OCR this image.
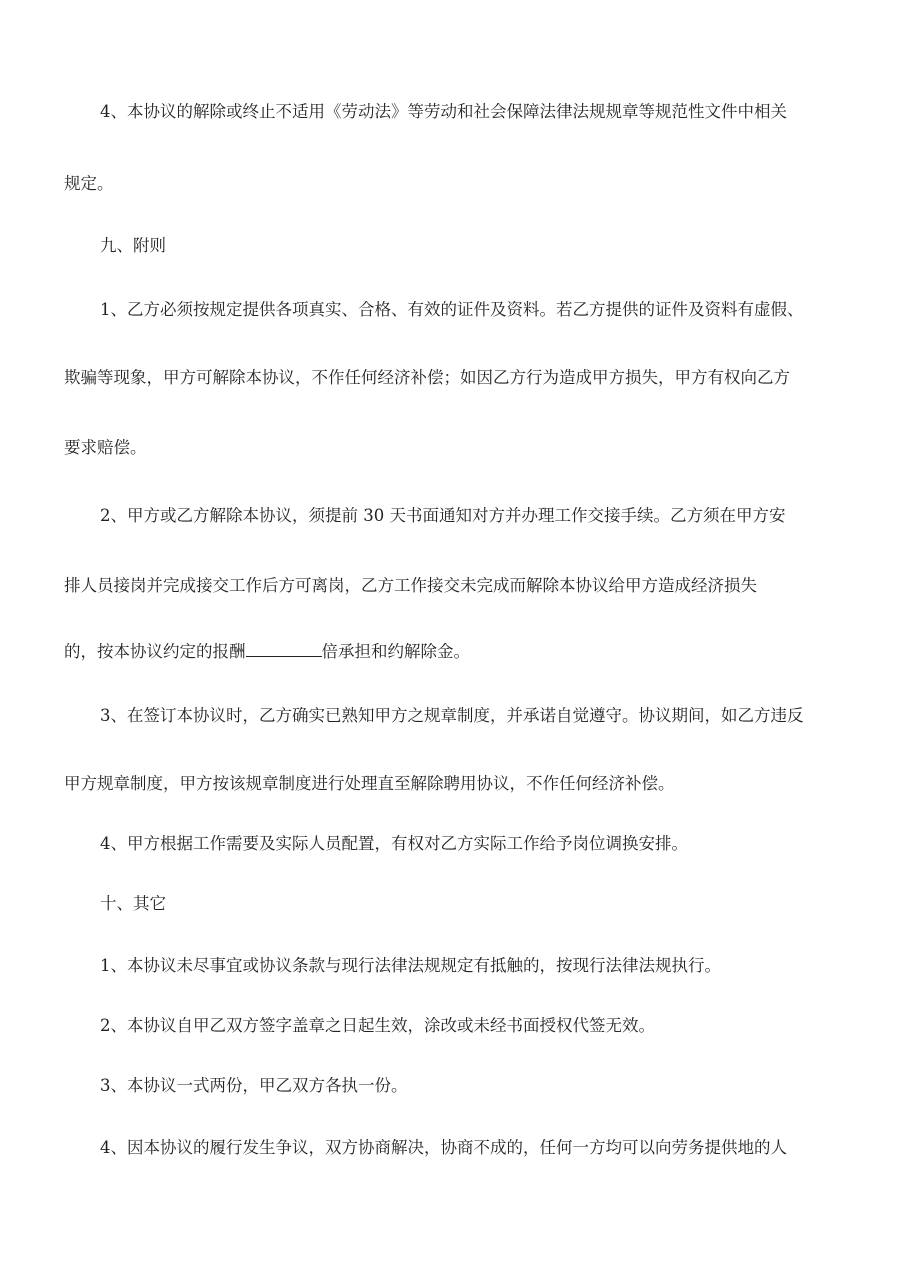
4、本协议的解除或终止不适用《劳动法》等劳动和社会保障法律法规规章等规范性文件中相关
规定。
九、附则
1、乙方必须按规定提供各项真实、合格、有效的证件及资料。若乙方提供的证件及资料有虚假、
欺骗等现象，甲方可解除本协议，不作任何经济补偿；如因乙方行为造成甲方损失，甲方有权向乙方
要求赔偿。
2、甲方或乙方解除本协议，须提前 30 天书面通知对方并办理工作交接手续。乙方须在甲方安
排人员接岗并完成接交工作后方可离岗，乙方工作接交未完成而解除本协议给甲方造成经济损失
的，按本协议约定的报酬	倍承担和约解除金。
3、在签订本协议时，乙方确实已熟知甲方之规章制度，并承诺自觉遵守。协议期间，如乙方违反
甲方规章制度，甲方按该规章制度进行处理直至解除聘用协议，不作任何经济补偿。
4、甲方根据工作需要及实际人员配置，有权对乙方实际工作给予岗位调换安排。
十、其它
1、本协议未尽事宜或协议条款与现行法律法规规定有抵触的，按现行法律法规执行。
2、本协议自甲乙双方签字盖章之日起生效，涂改或未经书面授权代签无效。
3、本协议一式两份，甲乙双方各执一份。
4、因本协议的履行发生争议，双方协商解决，协商不成的，任何一方均可以向劳务提供地的人
